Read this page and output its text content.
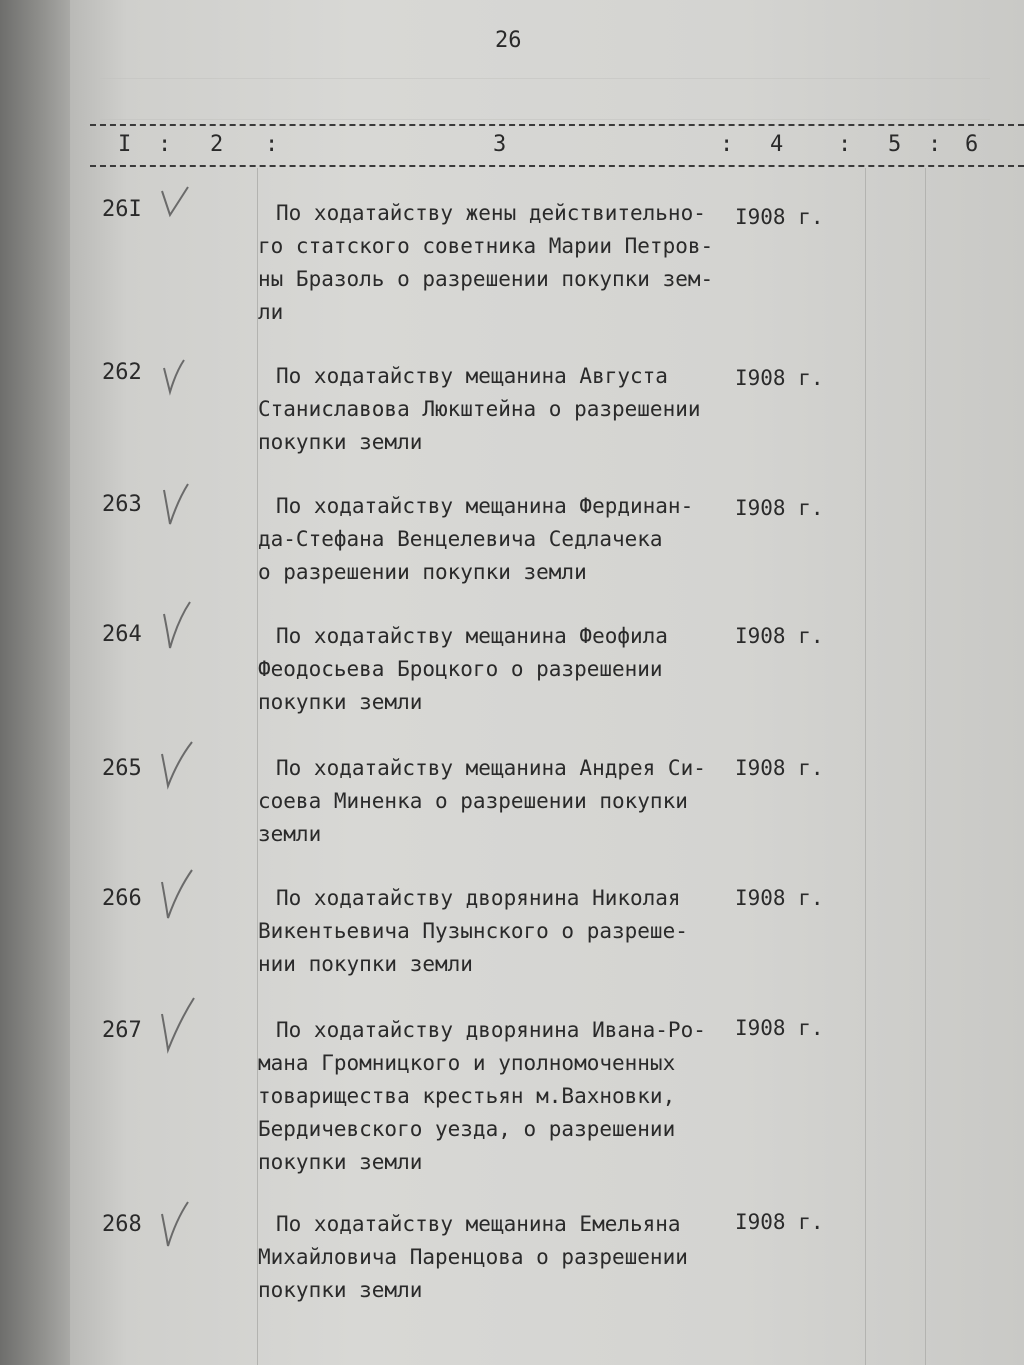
26
I : 2 :	3	: 4 : 5 : 6
26I	По ходатайству жены действительно-
го статского советника Марии Петров-
ны Бразоль о разрешении покупки зем-
ли
I908 г.
262	По ходатайству мещанина Августа
Станиславова Люкштейна о разрешении
покупки земли
I908 г.
263	По ходатайству мещанина Фердинан-
да-Стефана Венцелевича Седлачека
о разрешении покупки земли
I908 г.
264	По ходатайству мещанина Феофила
Феодосьева Броцкого о разрешении
покупки земли
I908 г.
265	По ходатайству мещанина Андрея Си-
соева Миненка о разрешении покупки
земли
I908 г.
266	По ходатайству дворянина Николая
Викентьевича Пузынского о разреше-
нии покупки земли
I908 г.
267	По ходатайству дворянина Ивана-Ро-
мана Громницкого и уполномоченных
товарищества крестьян м.Вахновки,
Бердичевского уезда, о разрешении
покупки земли
I908 г.
268	По ходатайству мещанина Емельяна
Михайловича Паренцова о разрешении
покупки земли
I908 г.
